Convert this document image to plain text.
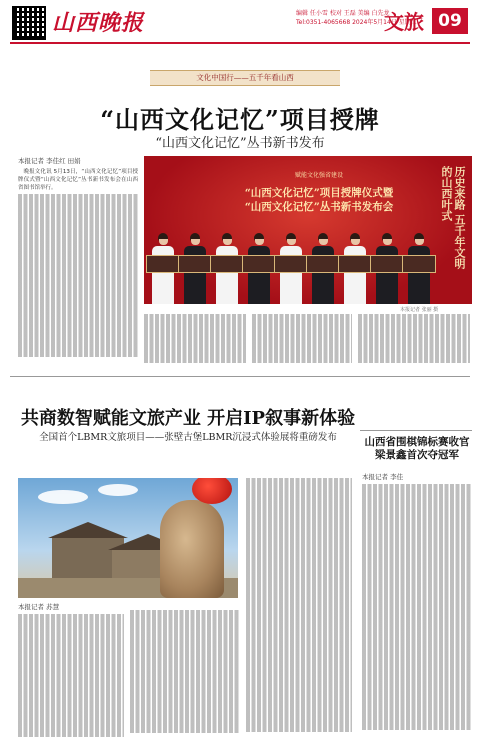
山西晚报	编辑 任小雪 校对 王磊 美编 白先龙
Tel:0351-4065668 2024年5月14日 星期二
文旅 09
文化中国行——五千年看山西
“山西文化记忆”项目授牌
“山西文化记忆”丛书新书发布
本报记者 李佳红 田娟

晚报文化讯 5月13日，“山西文化记忆”项目授牌仪式暨“山西文化记忆”丛书新书发布会在山西省图书馆举行。

赋能文化强省建设
“山西文化记忆”项目授牌仪式暨
“山西文化记忆”丛书新书发布会	历史来路 五千年文明的山西叶式
本报记者 张丽 摄
共商数智赋能文旅产业 开启IP叙事新体验
全国首个LBMR文旅项目——张壁古堡LBMR沉浸式体验展将重磅发布
本报记者 苏慧
山西省围棋锦标赛收官 梁景鑫首次夺冠军
本报记者 李佳
